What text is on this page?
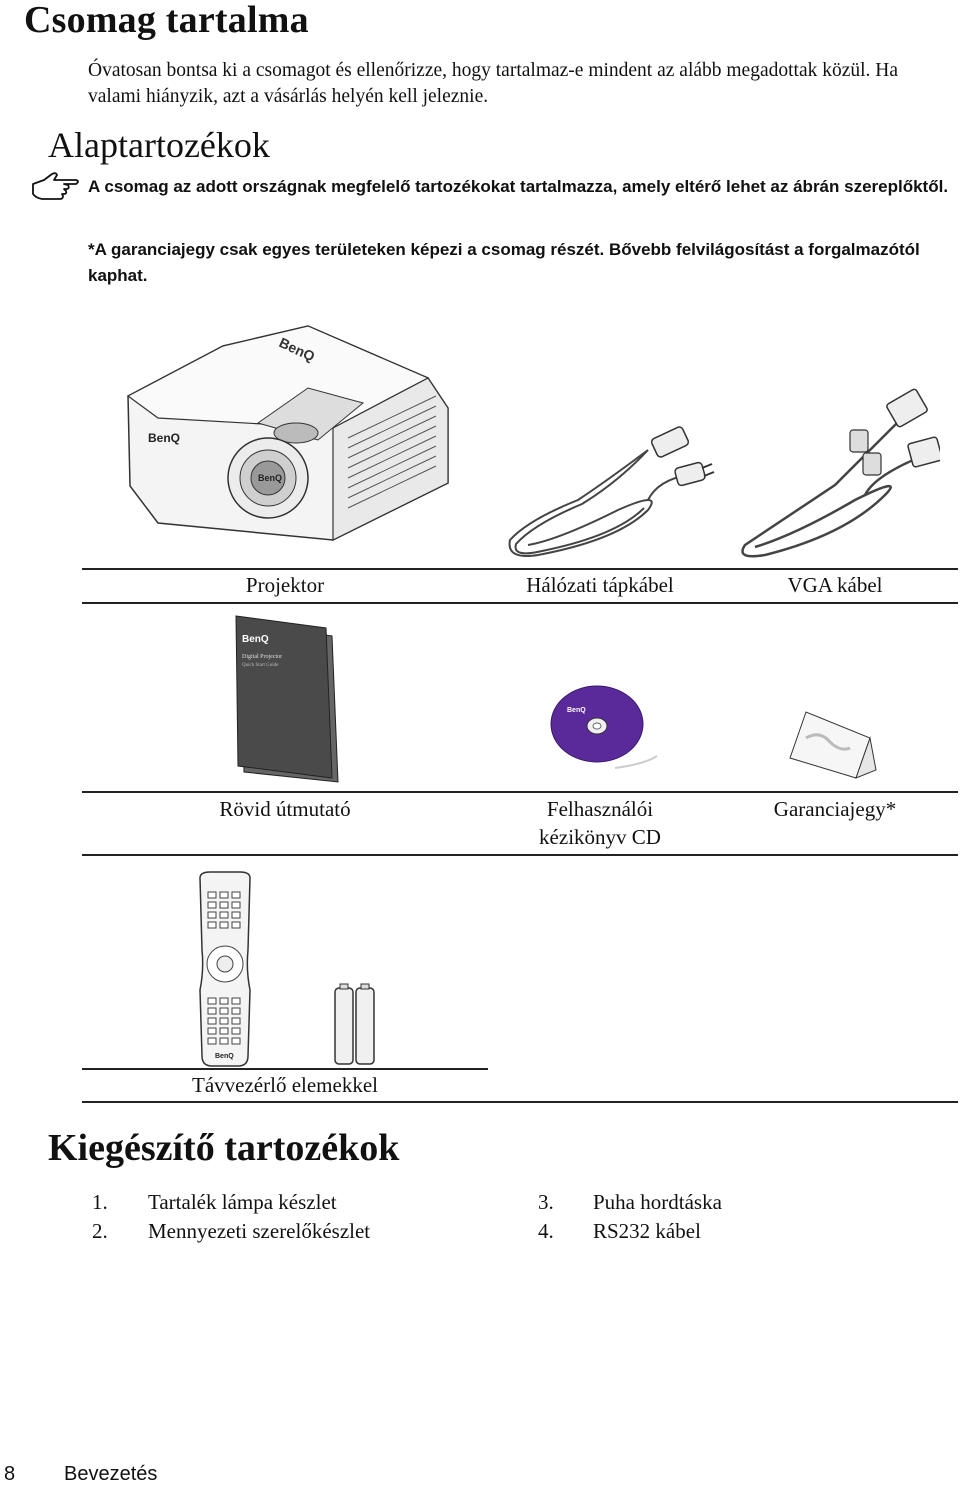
Csomag tartalma
Óvatosan bontsa ki a csomagot és ellenőrizze, hogy tartalmaz-e mindent az alább megadottak közül. Ha valami hiányzik, azt a vásárlás helyén kell jeleznie.
Alaptartozékok
A csomag az adott országnak megfelelő tartozékokat tartalmazza, amely eltérő lehet az ábrán szereplőktől.
*A garanciajegy csak egyes területeken képezi a csomag részét. Bővebb felvilágosítást a forgalmazótól kaphat.
BenQ
BenQ
BenQ
Projektor	Hálózati tápkábel	VGA kábel
BenQ
Digital Projector
Quick Start Guide
BenQ
Rövid útmutató	Felhasználói
kézikönyv CD
Garanciajegy*
BenQ
Távvezérlő elemekkel
Kiegészítő tartozékok
1. Tartalék lámpa készlet
2. Mennyezeti szerelőkészlet
3. Puha hordtáska
4. RS232 kábel
8 Bevezetés
